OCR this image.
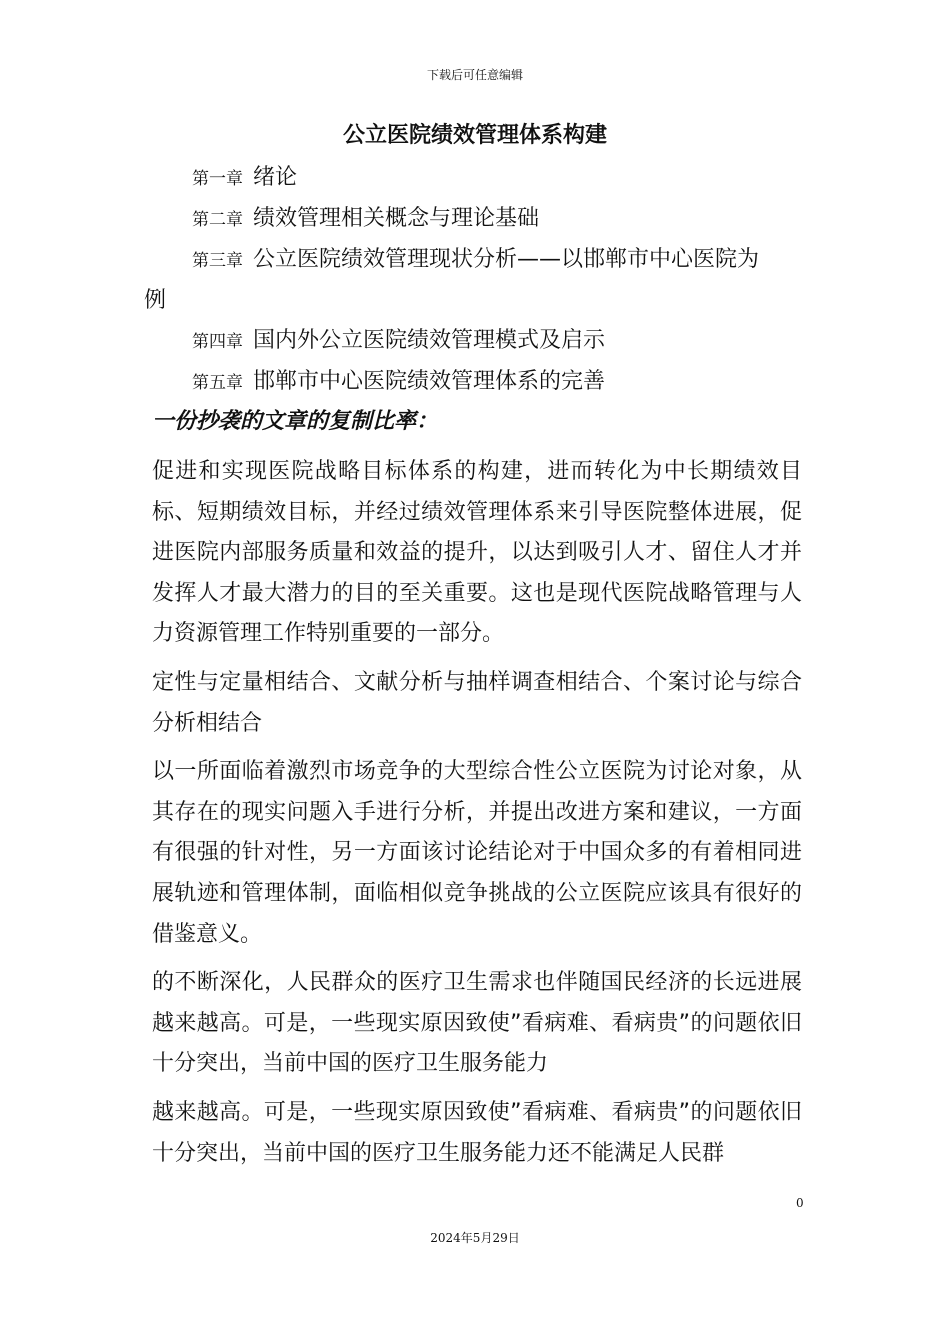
下载后可任意编辑
公立医院绩效管理体系构建
第一章 绪论
第二章 绩效管理相关概念与理论基础
第三章 公立医院绩效管理现状分析——以邯郸市中心医院为
例
第四章 国内外公立医院绩效管理模式及启示
第五章 邯郸市中心医院绩效管理体系的完善
一份抄袭的文章的复制比率：

促进和实现医院战略目标体系的构建，进而转化为中长期绩效目标、短期绩效目标，并经过绩效管理体系来引导医院整体进展，促进医院内部服务质量和效益的提升，以达到吸引人才、留住人才并发挥人才最大潜力的目的至关重要。这也是现代医院战略管理与人力资源管理工作特别重要的一部分。

定性与定量相结合、文献分析与抽样调查相结合、个案讨论与综合分析相结合

以一所面临着激烈市场竞争的大型综合性公立医院为讨论对象，从其存在的现实问题入手进行分析，并提出改进方案和建议，一方面有很强的针对性，另一方面该讨论结论对于中国众多的有着相同进展轨迹和管理体制，面临相似竞争挑战的公立医院应该具有很好的借鉴意义。

的不断深化，人民群众的医疗卫生需求也伴随国民经济的长远进展越来越高。可是，一些现实原因致使”看病难、看病贵”的问题依旧十分突出，当前中国的医疗卫生服务能力

越来越高。可是，一些现实原因致使”看病难、看病贵”的问题依旧十分突出，当前中国的医疗卫生服务能力还不能满足人民群

0
2024年5月29日
